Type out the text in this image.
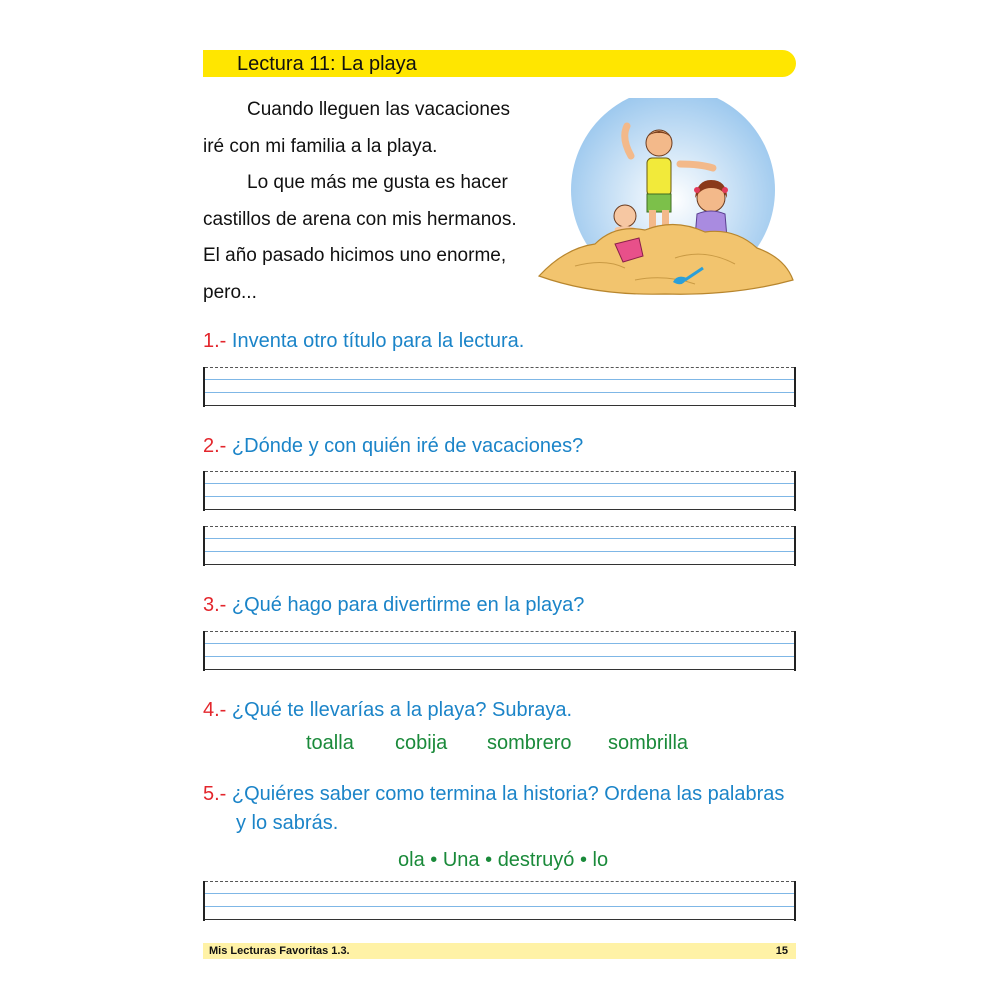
Lectura 11: La playa

Cuando lleguen las vacaciones iré con mi familia a la playa.

Lo que más me gusta es hacer castillos de arena con mis hermanos. El año pasado hicimos uno enorme, pero...

1.- Inventa otro título para la lectura.
2.- ¿Dónde y con quién iré de vacaciones?
3.- ¿Qué hago para divertirme en la playa?
4.- ¿Qué te llevarías a la playa? Subraya.
toalla cobija sombrero sombrilla
5.- ¿Quiéres saber como termina la historia? Ordena las palabras
y lo sabrás.
ola • Una • destruyó • lo
Mis Lecturas Favoritas 1.3.	15
